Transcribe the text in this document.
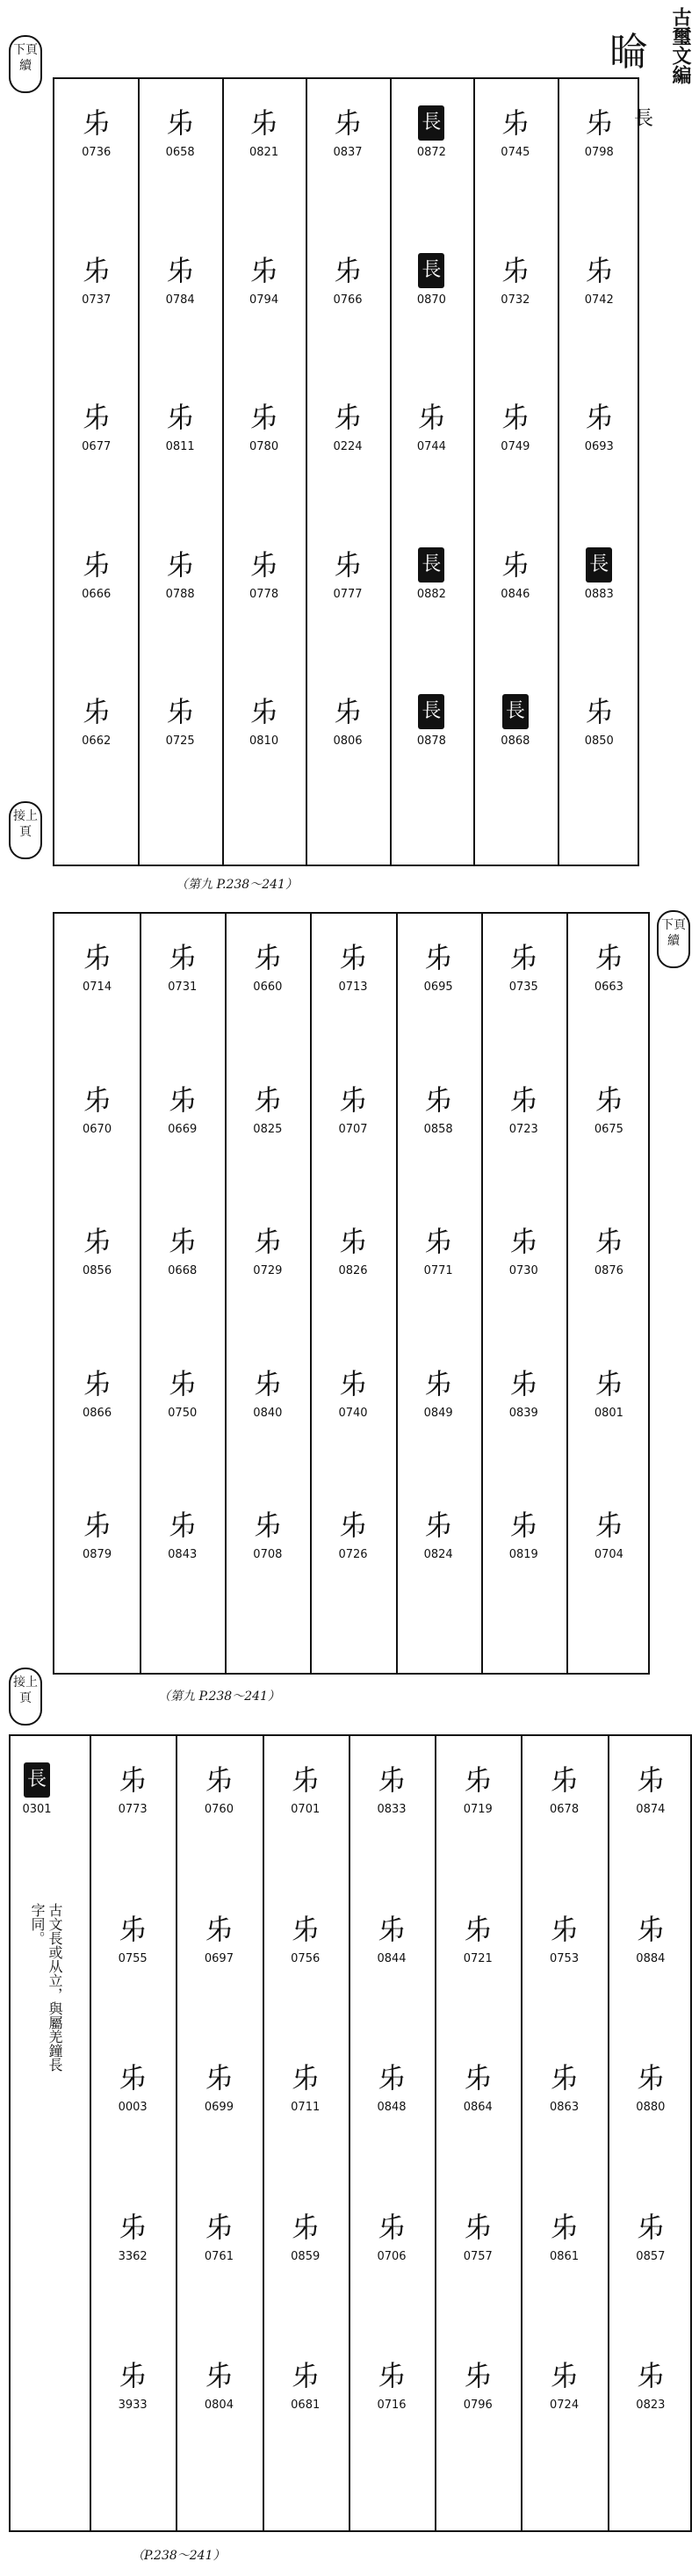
古璽文編
㫻
長
下頁續
𠂔
0736
𠂔
0737
𠂔
0677
𠂔
0666
𠂔
0662
𠂔
0658
𠂔
0784
𠂔
0811
𠂔
0788
𠂔
0725
𠂔
0821
𠂔
0794
𠂔
0780
𠂔
0778
𠂔
0810
𠂔
0837
𠂔
0766
𠂔
0224
𠂔
0777
𠂔
0806
長
0872
長
0870
𠂔
0744
長
0882
長
0878
𠂔
0745
𠂔
0732
𠂔
0749
𠂔
0846
長
0868
𠂔
0798
𠂔
0742
𠂔
0693
長
0883
𠂔
0850
接上頁
（第九 P.238～241）
下頁續
𠂔
0714
𠂔
0670
𠂔
0856
𠂔
0866
𠂔
0879
𠂔
0731
𠂔
0669
𠂔
0668
𠂔
0750
𠂔
0843
𠂔
0660
𠂔
0825
𠂔
0729
𠂔
0840
𠂔
0708
𠂔
0713
𠂔
0707
𠂔
0826
𠂔
0740
𠂔
0726
𠂔
0695
𠂔
0858
𠂔
0771
𠂔
0849
𠂔
0824
𠂔
0735
𠂔
0723
𠂔
0730
𠂔
0839
𠂔
0819
𠂔
0663
𠂔
0675
𠂔
0876
𠂔
0801
𠂔
0704
接上頁	（第九 P.238～241）
𠂔
0773
𠂔
0755
𠂔
0003
𠂔
3362
𠂔
3933
𠂔
0760
𠂔
0697
𠂔
0699
𠂔
0761
𠂔
0804
𠂔
0701
𠂔
0756
𠂔
0711
𠂔
0859
𠂔
0681
𠂔
0833
𠂔
0844
𠂔
0848
𠂔
0706
𠂔
0716
𠂔
0719
𠂔
0721
𠂔
0864
𠂔
0757
𠂔
0796
𠂔
0678
𠂔
0753
𠂔
0863
𠂔
0861
𠂔
0724
𠂔
0874
𠂔
0884
𠂔
0880
𠂔
0857
𠂔
0823
長
0301
古文長或从立，與屬羌鐘長字同。
（P.238～241）
